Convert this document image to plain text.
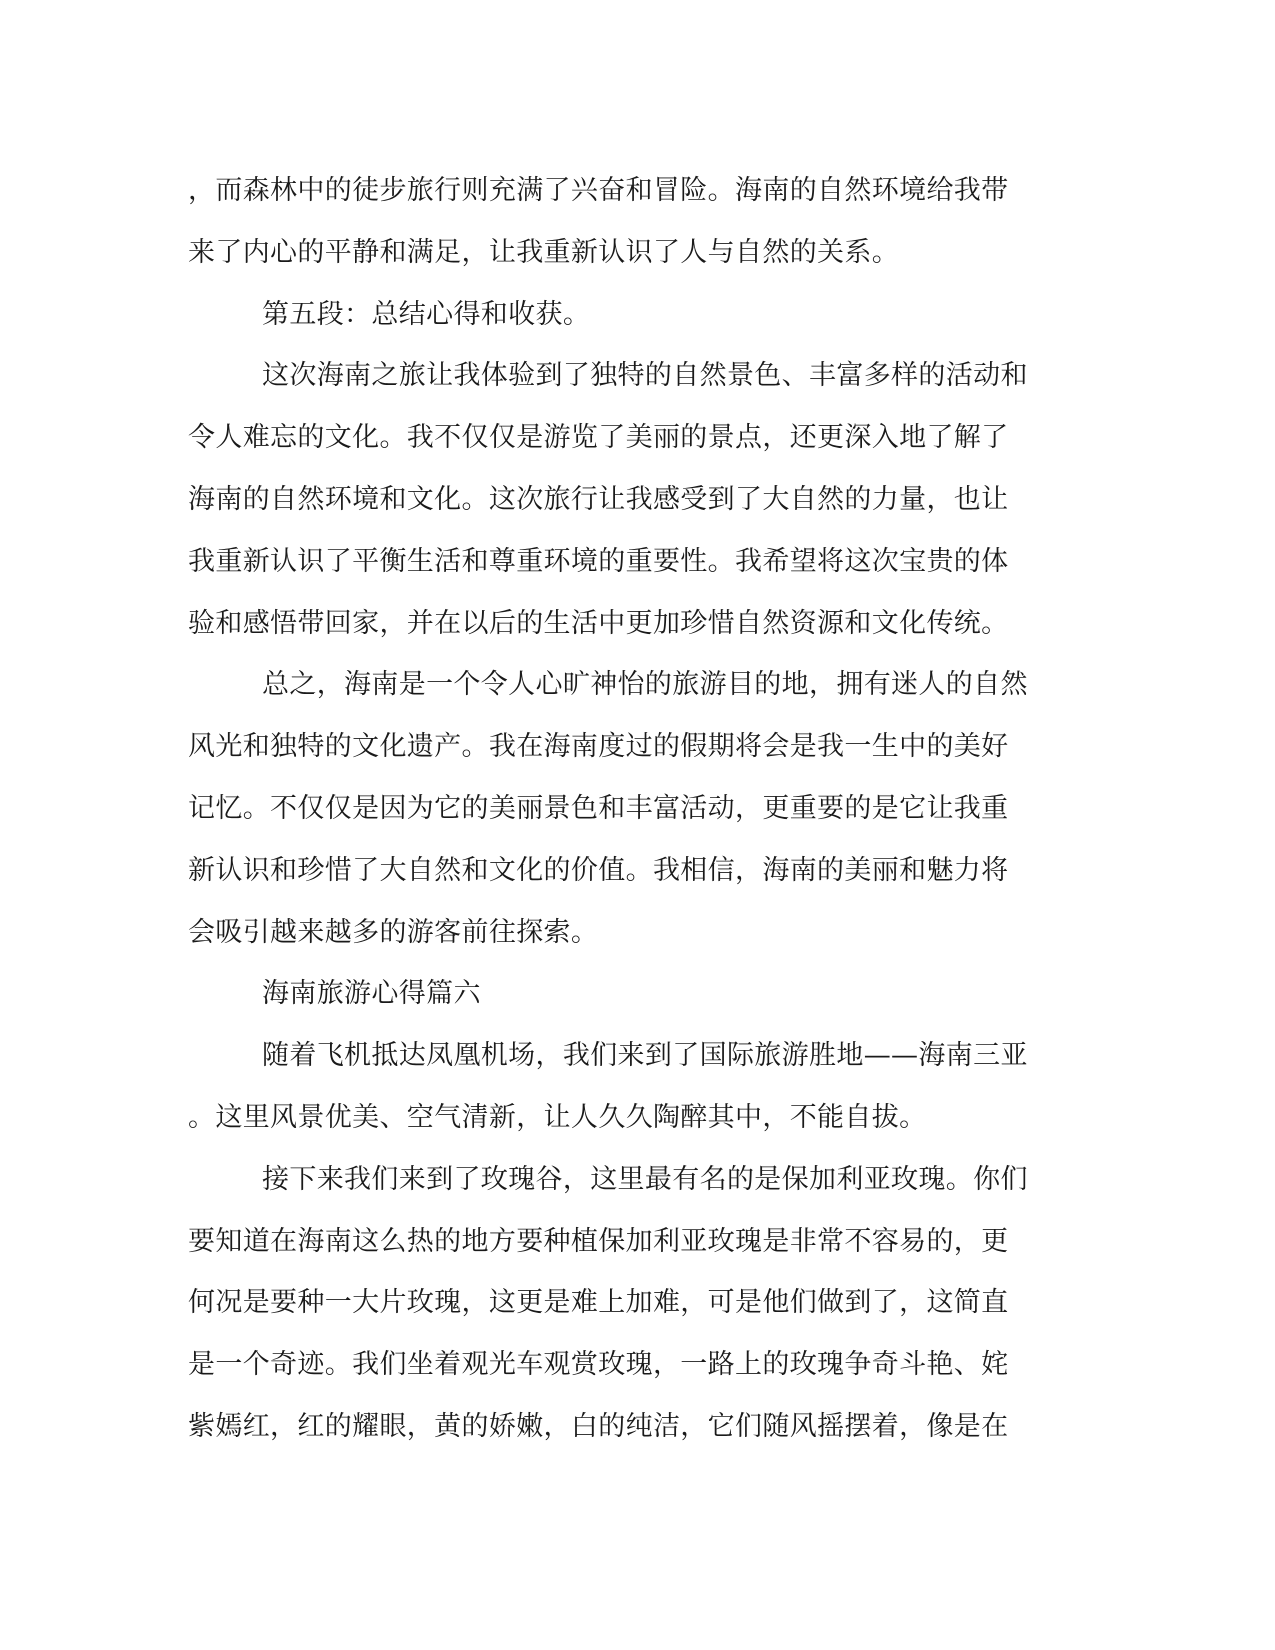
，而森林中的徒步旅行则充满了兴奋和冒险。海南的自然环境给我带
来了内心的平静和满足，让我重新认识了人与自然的关系。
第五段：总结心得和收获。
这次海南之旅让我体验到了独特的自然景色、丰富多样的活动和
令人难忘的文化。我不仅仅是游览了美丽的景点，还更深入地了解了
海南的自然环境和文化。这次旅行让我感受到了大自然的力量，也让
我重新认识了平衡生活和尊重环境的重要性。我希望将这次宝贵的体
验和感悟带回家，并在以后的生活中更加珍惜自然资源和文化传统。
总之，海南是一个令人心旷神怡的旅游目的地，拥有迷人的自然
风光和独特的文化遗产。我在海南度过的假期将会是我一生中的美好
记忆。不仅仅是因为它的美丽景色和丰富活动，更重要的是它让我重
新认识和珍惜了大自然和文化的价值。我相信，海南的美丽和魅力将
会吸引越来越多的游客前往探索。
海南旅游心得篇六
随着飞机抵达凤凰机场，我们来到了国际旅游胜地——海南三亚
。这里风景优美、空气清新，让人久久陶醉其中，不能自拔。
接下来我们来到了玫瑰谷，这里最有名的是保加利亚玫瑰。你们
要知道在海南这么热的地方要种植保加利亚玫瑰是非常不容易的，更
何况是要种一大片玫瑰，这更是难上加难，可是他们做到了，这简直
是一个奇迹。我们坐着观光车观赏玫瑰，一路上的玫瑰争奇斗艳、姹
紫嫣红，红的耀眼，黄的娇嫩，白的纯洁，它们随风摇摆着，像是在
